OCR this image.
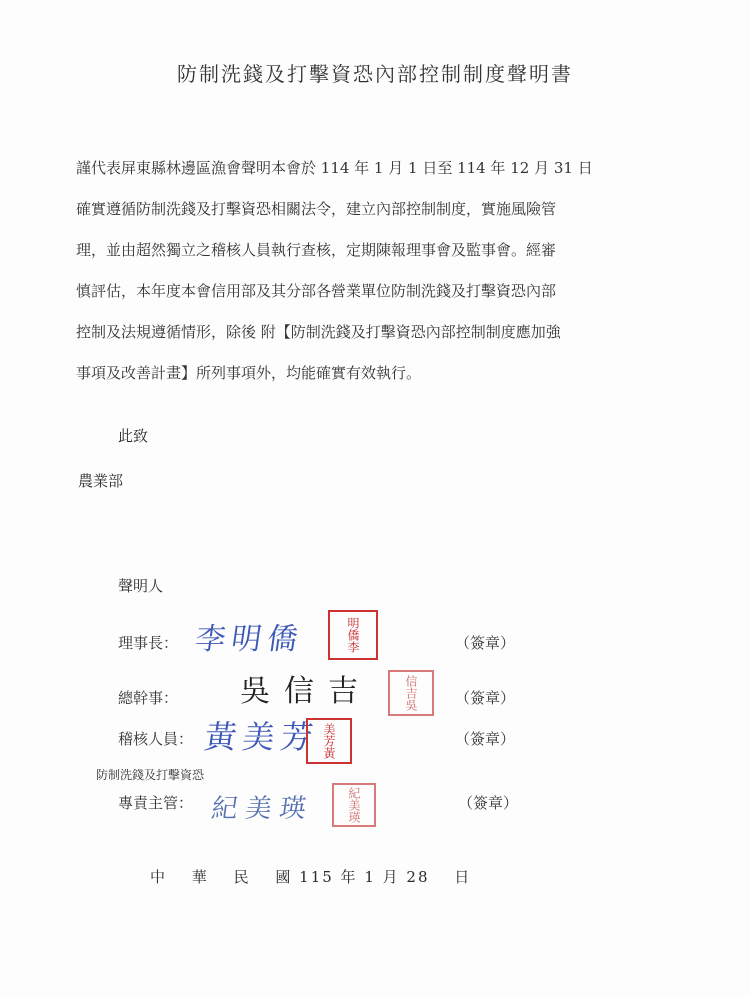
防制洗錢及打擊資恐內部控制制度聲明書
謹代表屏東縣林邊區漁會聲明本會於 114 年 1 月 1 日至 114 年 12 月 31 日
確實遵循防制洗錢及打擊資恐相關法令，建立內部控制制度，實施風險管
理，並由超然獨立之稽核人員執行查核，定期陳報理事會及監事會。經審
慎評估，本年度本會信用部及其分部各營業單位防制洗錢及打擊資恐內部
控制及法規遵循情形，除後 附【防制洗錢及打擊資恐內部控制制度應加強
事項及改善計畫】所列事項外，均能確實有效執行。
此致
農業部
聲明人
理事長： 李明僑	明僑李	（簽章）
總幹事： 吳信吉	信吉吳 （簽章）
稽核人員： 黃美芳 美芳黃	（簽章）
防制洗錢及打擊資恐
專責主管： 紀美瑛	紀美瑛	（簽章）
中 華 民 國 115 年 1 月 28 日
